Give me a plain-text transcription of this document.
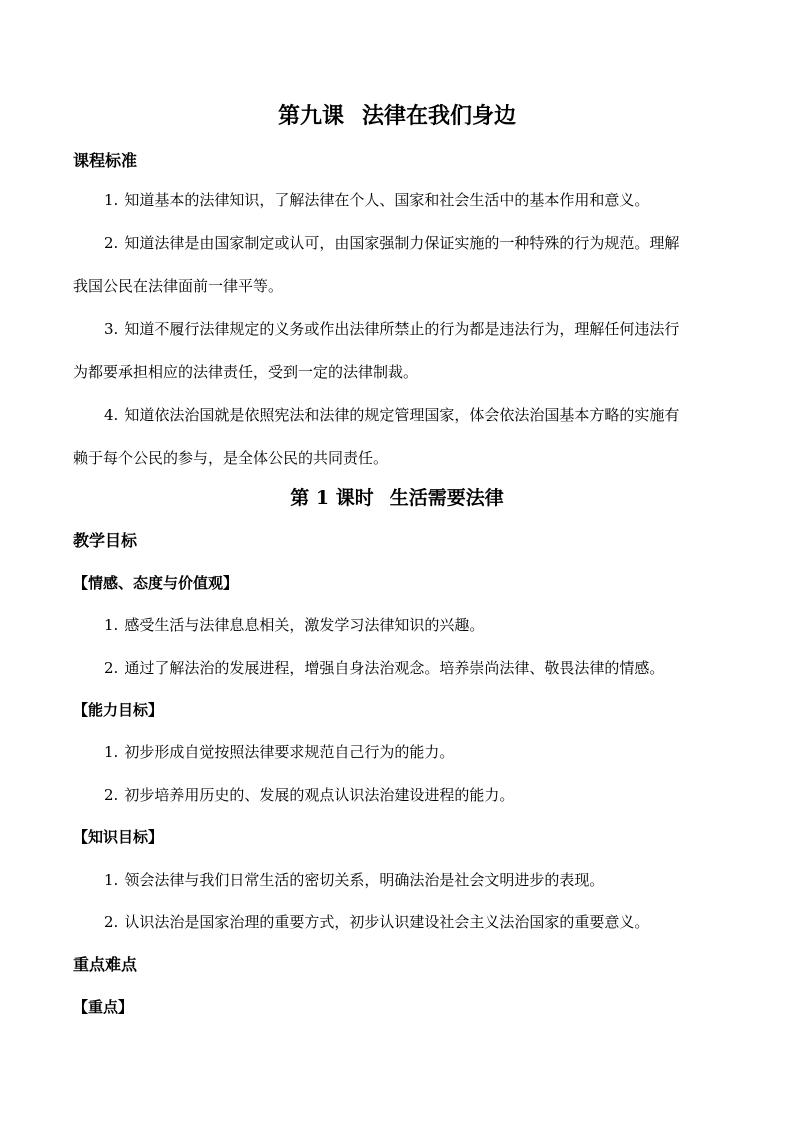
第九课 法律在我们身边
课程标准
1. 知道基本的法律知识，了解法律在个人、国家和社会生活中的基本作用和意义。
2. 知道法律是由国家制定或认可，由国家强制力保证实施的一种特殊的行为规范。理解
我国公民在法律面前一律平等。
3. 知道不履行法律规定的义务或作出法律所禁止的行为都是违法行为，理解任何违法行
为都要承担相应的法律责任，受到一定的法律制裁。
4. 知道依法治国就是依照宪法和法律的规定管理国家，体会依法治国基本方略的实施有
赖于每个公民的参与，是全体公民的共同责任。
第 1 课时 生活需要法律
教学目标
【情感、态度与价值观】
1. 感受生活与法律息息相关，激发学习法律知识的兴趣。
2. 通过了解法治的发展进程，增强自身法治观念。培养崇尚法律、敬畏法律的情感。
【能力目标】
1. 初步形成自觉按照法律要求规范自己行为的能力。
2. 初步培养用历史的、发展的观点认识法治建设进程的能力。
【知识目标】
1. 领会法律与我们日常生活的密切关系，明确法治是社会文明进步的表现。
2. 认识法治是国家治理的重要方式，初步认识建设社会主义法治国家的重要意义。
重点难点
【重点】
